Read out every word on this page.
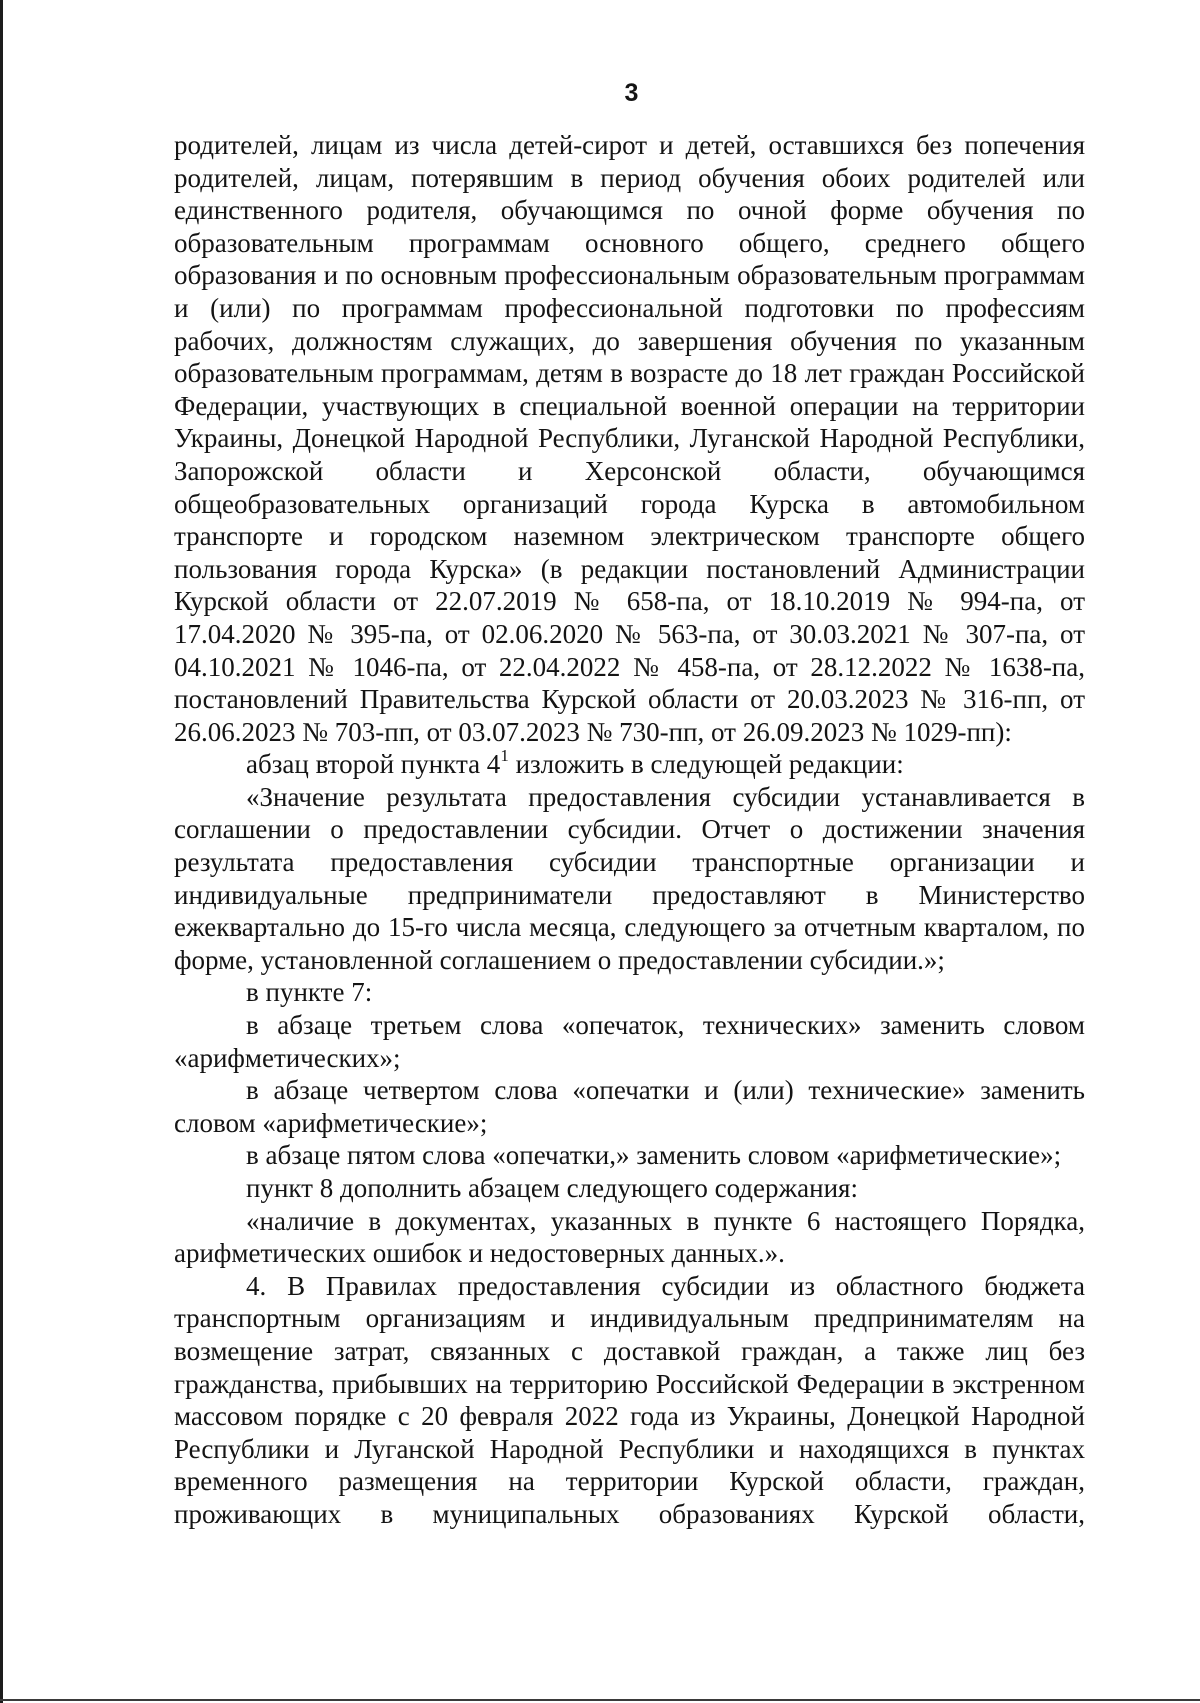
3

родителей, лицам из числа детей-сирот и детей, оставшихся без попечения родителей, лицам, потерявшим в период обучения обоих родителей или единственного родителя, обучающимся по очной форме обучения по образовательным программам основного общего, среднего общего образования и по основным профессиональным образовательным программам и (или) по программам профессиональной подготовки по профессиям рабочих, должностям служащих, до завершения обучения по указанным образовательным программам, детям в возрасте до 18 лет граждан Российской Федерации, участвующих в специальной военной операции на территории Украины, Донецкой Народной Республики, Луганской Народной Республики, Запорожской области и Херсонской области, обучающимся общеобразовательных организаций города Курска в автомобильном транспорте и городском наземном электрическом транспорте общего пользования города Курска» (в редакции постановлений Администрации Курской области от 22.07.2019 № 658-па, от 18.10.2019 № 994-па, от 17.04.2020 № 395-па, от 02.06.2020 № 563-па, от 30.03.2021 № 307-па, от 04.10.2021 № 1046-па, от 22.04.2022 № 458-па, от 28.12.2022 № 1638-па, постановлений Правительства Курской области от 20.03.2023 № 316-пп, от 26.06.2023 № 703-пп, от 03.07.2023 № 730-пп, от 26.09.2023 № 1029-пп):

абзац второй пункта $4^1$ изложить в следующей редакции:

«Значение результата предоставления субсидии устанавливается в соглашении о предоставлении субсидии. Отчет о достижении значения результата предоставления субсидии транспортные организации и индивидуальные предприниматели предоставляют в Министерство ежеквартально до 15-го числа месяца, следующего за отчетным кварталом, по форме, установленной соглашением о предоставлении субсидии.»;

в пункте 7:

в абзаце третьем слова «опечаток, технических» заменить словом «арифметических»;

в абзаце четвертом слова «опечатки и (или) технические» заменить словом «арифметические»;

в абзаце пятом слова «опечатки,» заменить словом «арифметические»;

пункт 8 дополнить абзацем следующего содержания:

«наличие в документах, указанных в пункте 6 настоящего Порядка, арифметических ошибок и недостоверных данных.».

4. В Правилах предоставления субсидии из областного бюджета транспортным организациям и индивидуальным предпринимателям на возмещение затрат, связанных с доставкой граждан, а также лиц без гражданства, прибывших на территорию Российской Федерации в экстренном массовом порядке с 20 февраля 2022 года из Украины, Донецкой Народной Республики и Луганской Народной Республики и находящихся в пунктах временного размещения на территории Курской области, граждан, проживающих в муниципальных образованиях Курской области,
